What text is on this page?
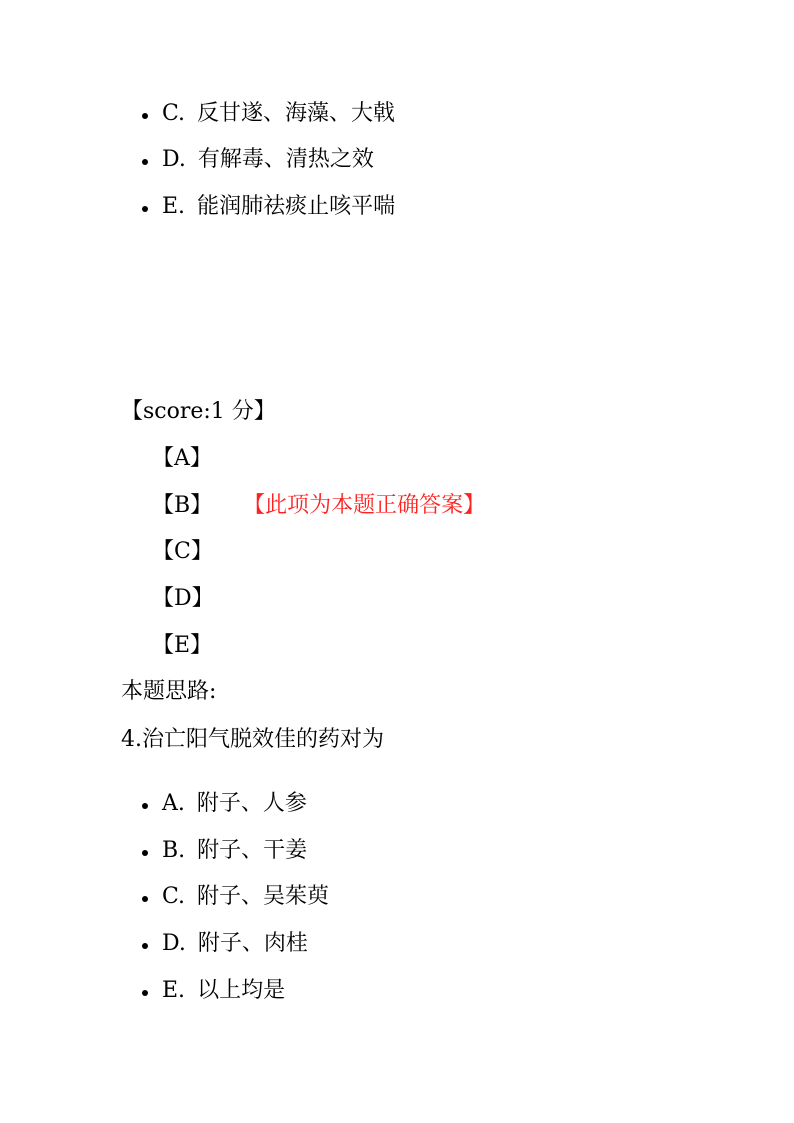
C. 反甘遂、海藻、大戟
D. 有解毒、清热之效
E. 能润肺祛痰止咳平喘
【score:1 分】
【A】
【B】 【此项为本题正确答案】
【C】
【D】
【E】
本题思路:
4.治亡阳气脱效佳的药对为
A. 附子、人参
B. 附子、干姜
C. 附子、吴茱萸
D. 附子、肉桂
E. 以上均是
